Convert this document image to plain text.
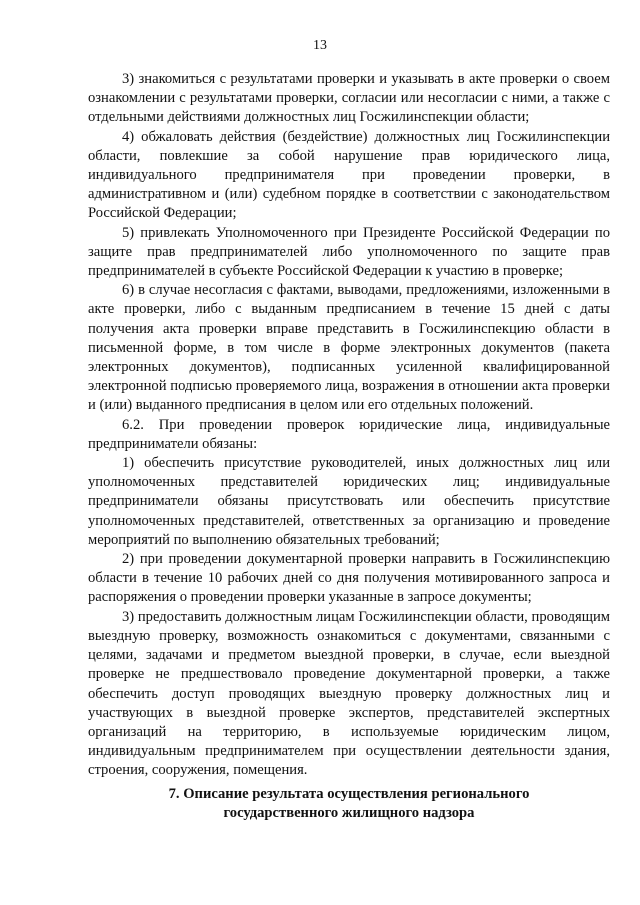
13

3) знакомиться с результатами проверки и указывать в акте проверки о своем ознакомлении с результатами проверки, согласии или несогласии с ними, а также с отдельными действиями должностных лиц Госжилинспекции области;

4) обжаловать действия (бездействие) должностных лиц Госжилинспекции области, повлекшие за собой нарушение прав юридического лица, индивидуального предпринимателя при проведении проверки, в административном и (или) судебном порядке в соответствии с законодательством Российской Федерации;

5) привлекать Уполномоченного при Президенте Российской Федерации по защите прав предпринимателей либо уполномоченного по защите прав предпринимателей в субъекте Российской Федерации к участию в проверке;

6) в случае несогласия с фактами, выводами, предложениями, изложенными в акте проверки, либо с выданным предписанием в течение 15 дней с даты получения акта проверки вправе представить в Госжилинспекцию области в письменной форме, в том числе в форме электронных документов (пакета электронных документов), подписанных усиленной квалифицированной электронной подписью проверяемого лица, возражения в отношении акта проверки и (или) выданного предписания в целом или его отдельных положений.

6.2. При проведении проверок юридические лица, индивидуальные предприниматели обязаны:

1) обеспечить присутствие руководителей, иных должностных лиц или уполномоченных представителей юридических лиц; индивидуальные предприниматели обязаны присутствовать или обеспечить присутствие уполномоченных представителей, ответственных за организацию и проведение мероприятий по выполнению обязательных требований;

2) при проведении документарной проверки направить в Госжилинспекцию области в течение 10 рабочих дней со дня получения мотивированного запроса и распоряжения о проведении проверки указанные в запросе документы;

3) предоставить должностным лицам Госжилинспекции области, проводящим выездную проверку, возможность ознакомиться с документами, связанными с целями, задачами и предметом выездной проверки, в случае, если выездной проверке не предшествовало проведение документарной проверки, а также обеспечить доступ проводящих выездную проверку должностных лиц и участвующих в выездной проверке экспертов, представителей экспертных организаций на территорию, в используемые юридическим лицом, индивидуальным предпринимателем при осуществлении деятельности здания, строения, сооружения, помещения.

7. Описание результата осуществления регионального
государственного жилищного надзора
